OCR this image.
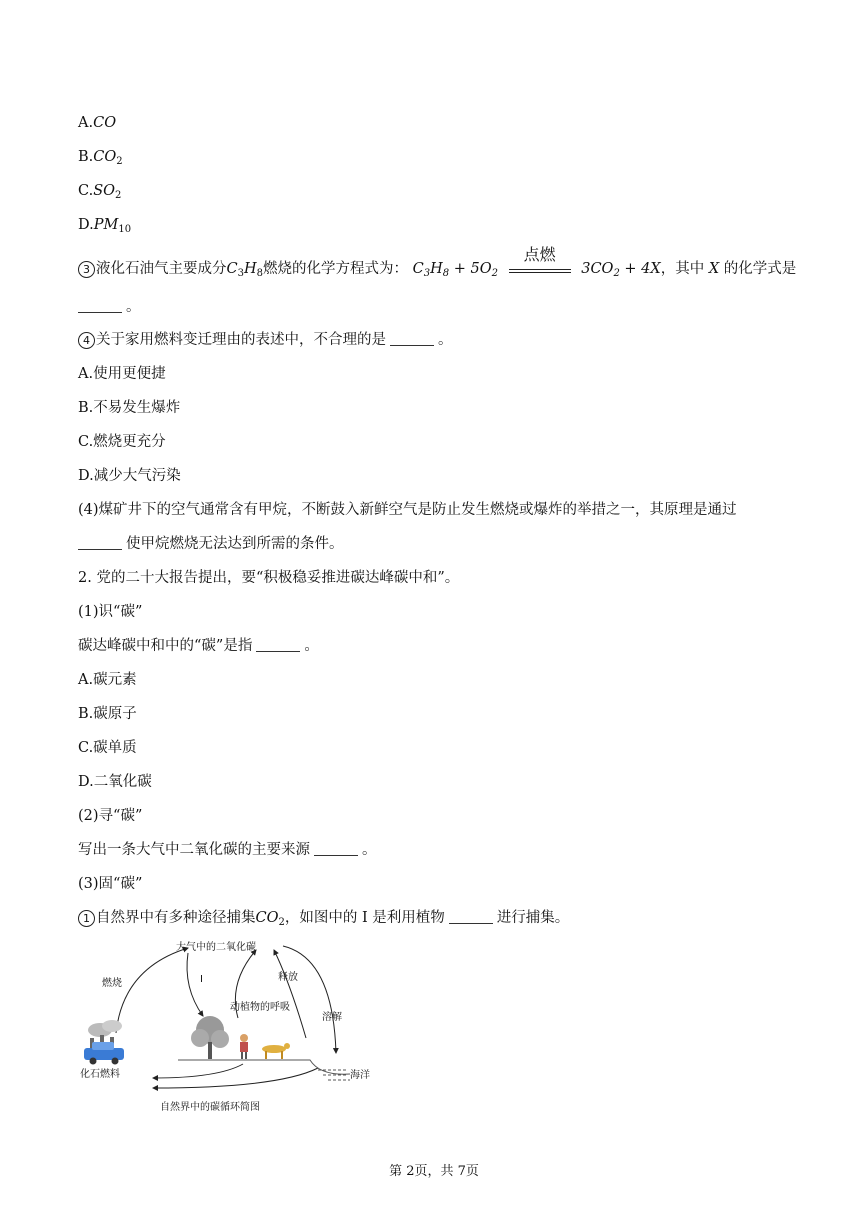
A.CO
$B.CO_2$
$C.SO_2$
$D.PM_{10}$
3 液化石油气主要成分$C_3H_8$燃烧的化学方程式为： $C_3H_8 + 5O_2$
点燃
$3CO_2 + 4X$，其中 X 的化学式是
。
4 关于家用燃料变迁理由的表述中，不合理的是	。
A.使用更便捷
B.不易发生爆炸
C.燃烧更充分
D.减少大气污染
(4)煤矿井下的空气通常含有甲烷，不断鼓入新鲜空气是防止发生燃烧或爆炸的举措之一，其原理是通过
使甲烷燃烧无法达到所需的条件。
2. 党的二十大报告提出，要“积极稳妥推进碳达峰碳中和”。
(1)识“碳”
碳达峰碳中和中的“碳”是指	。
A.碳元素
B.碳原子
C.碳单质
D.二氧化碳
(2)寻“碳”
写出一条大气中二氧化碳的主要来源	。
(3)固“碳”
1 自然界中有多种途径捕集$CO_2$，如图中的 I 是利用植物	进行捕集。
大气中的二氧化碳
燃烧	I	释放
动植物的呼吸
溶解
化石燃料	海洋
自然界中的碳循环简图
第 2页，共 7页
